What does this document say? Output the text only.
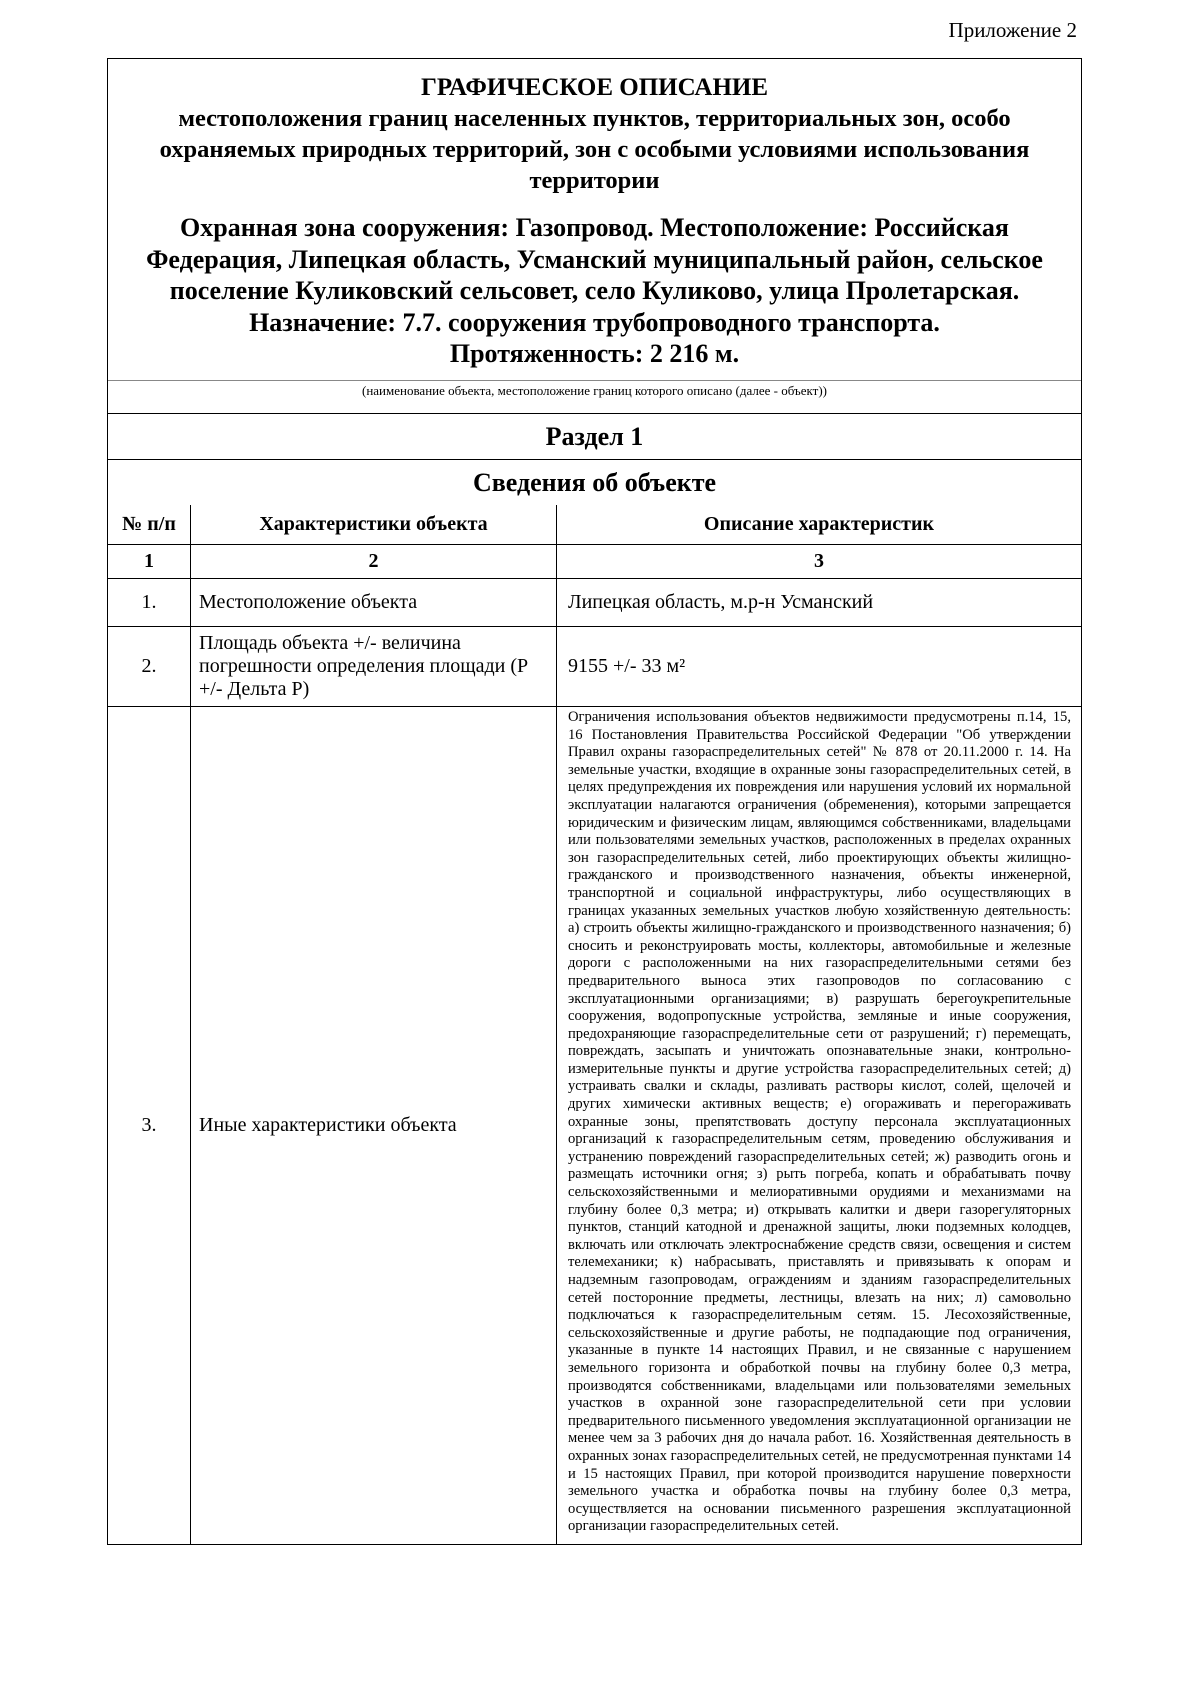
Приложение 2
ГРАФИЧЕСКОЕ ОПИСАНИЕ
местоположения границ населенных пунктов, территориальных зон, особо охраняемых природных территорий, зон с особыми условиями использования территории
Охранная зона сооружения: Газопровод. Местоположение: Российская Федерация, Липецкая область, Усманский муниципальный район, сельское поселение Куликовский сельсовет, село Куликово, улица Пролетарская.
Назначение: 7.7. сооружения трубопроводного транспорта.
Протяженность: 2 216 м.
(наименование объекта, местоположение границ которого описано (далее - объект))
Раздел 1
Сведения об объекте
№ п/п	Характеристики объекта	Описание характеристик
1	2	3
1.	Местоположение объекта	Липецкая область, м.р-н Усманский
2.	Площадь объекта +/- величина погрешности определения площади (Р +/- Дельта Р)	9155 +/- 33 м²
3.	Иные характеристики объекта	Ограничения использования объектов недвижимости предусмотрены п.14, 15, 16 Постановления Правительства Российской Федерации "Об утверждении Правил охраны газораспределительных сетей" № 878 от 20.11.2000 г. 14. На земельные участки, входящие в охранные зоны газораспределительных сетей, в целях предупреждения их повреждения или нарушения условий их нормальной эксплуатации налагаются ограничения (обременения), которыми запрещается юридическим и физическим лицам, являющимся собственниками, владельцами или пользователями земельных участков, расположенных в пределах охранных зон газораспределительных сетей, либо проектирующих объекты жилищно-гражданского и производственного назначения, объекты инженерной, транспортной и социальной инфраструктуры, либо осуществляющих в границах указанных земельных участков любую хозяйственную деятельность: а) строить объекты жилищно-гражданского и производственного назначения; б) сносить и реконструировать мосты, коллекторы, автомобильные и железные дороги с расположенными на них газораспределительными сетями без предварительного выноса этих газопроводов по согласованию с эксплуатационными организациями; в) разрушать берегоукрепительные сооружения, водопропускные устройства, земляные и иные сооружения, предохраняющие газораспределительные сети от разрушений; г) перемещать, повреждать, засыпать и уничтожать опознавательные знаки, контрольно-измерительные пункты и другие устройства газораспределительных сетей; д) устраивать свалки и склады, разливать растворы кислот, солей, щелочей и других химически активных веществ; е) огораживать и перегораживать охранные зоны, препятствовать доступу персонала эксплуатационных организаций к газораспределительным сетям, проведению обслуживания и устранению повреждений газораспределительных сетей; ж) разводить огонь и размещать источники огня; з) рыть погреба, копать и обрабатывать почву сельскохозяйственными и мелиоративными орудиями и механизмами на глубину более 0,3 метра; и) открывать калитки и двери газорегуляторных пунктов, станций катодной и дренажной защиты, люки подземных колодцев, включать или отключать электроснабжение средств связи, освещения и систем телемеханики; к) набрасывать, приставлять и привязывать к опорам и надземным газопроводам, ограждениям и зданиям газораспределительных сетей посторонние предметы, лестницы, влезать на них; л) самовольно подключаться к газораспределительным сетям. 15. Лесохозяйственные, сельскохозяйственные и другие работы, не подпадающие под ограничения, указанные в пункте 14 настоящих Правил, и не связанные с нарушением земельного горизонта и обработкой почвы на глубину более 0,3 метра, производятся собственниками, владельцами или пользователями земельных участков в охранной зоне газораспределительной сети при условии предварительного письменного уведомления эксплуатационной организации не менее чем за 3 рабочих дня до начала работ. 16. Хозяйственная деятельность в охранных зонах газораспределительных сетей, не предусмотренная пунктами 14 и 15 настоящих Правил, при которой производится нарушение поверхности земельного участка и обработка почвы на глубину более 0,3 метра, осуществляется на основании письменного разрешения эксплуатационной организации газораспределительных сетей.
